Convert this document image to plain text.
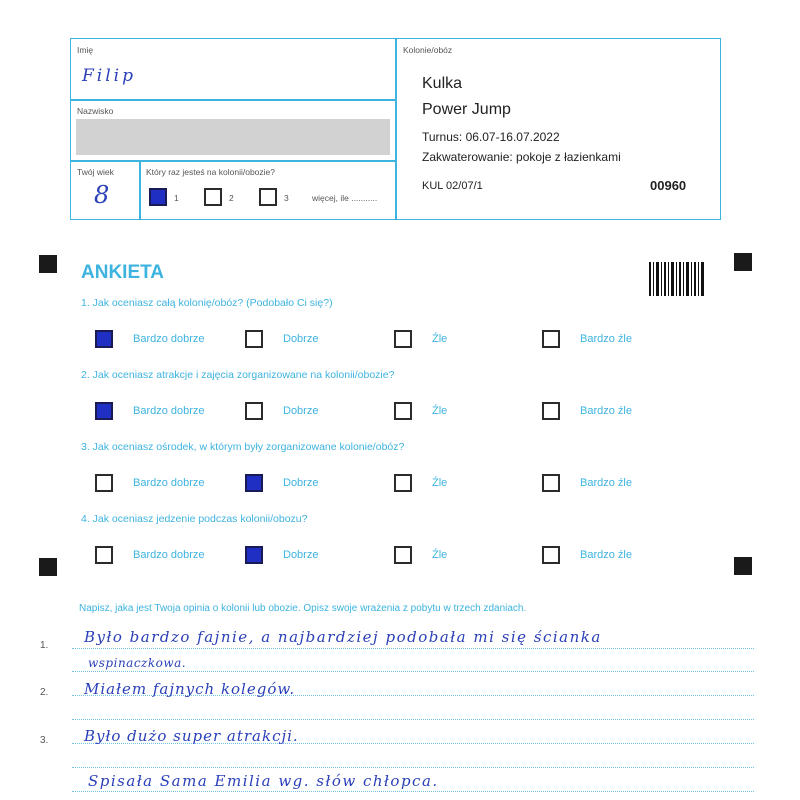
Imię
Filip
Nazwisko
Twój wiek
8
Który raz jesteś na kolonii/obozie?
1	2	3	więcej, ile ...........
Kolonie/obóz
Kulka
Power Jump
Turnus: 06.07-16.07.2022
Zakwaterowanie: pokoje z łazienkami
KUL 02/07/1	00960
ANKIETA
1. Jak oceniasz całą kolonię/obóz? (Podobało Ci się?)
Bardzo dobrze	Dobrze	Źle	Bardzo źle
2. Jak oceniasz atrakcje i zajęcia zorganizowane na kolonii/obozie?
Bardzo dobrze	Dobrze	Źle	Bardzo źle
3. Jak oceniasz ośrodek, w którym były zorganizowane kolonie/obóz?
Bardzo dobrze	Dobrze	Źle	Bardzo źle
4. Jak oceniasz jedzenie podczas kolonii/obozu?
Bardzo dobrze	Dobrze	Źle	Bardzo źle
Napisz, jaka jest Twoja opinia o kolonii lub obozie. Opisz swoje wrażenia z pobytu w trzech zdaniach.
1.
2.
3.
Było bardzo fajnie, a najbardziej podobała mi się ścianka
wspinaczkowa.
Miałem fajnych kolegów.
Było dużo super atrakcji.
Spisała Sama Emilia wg. słów chłopca.
